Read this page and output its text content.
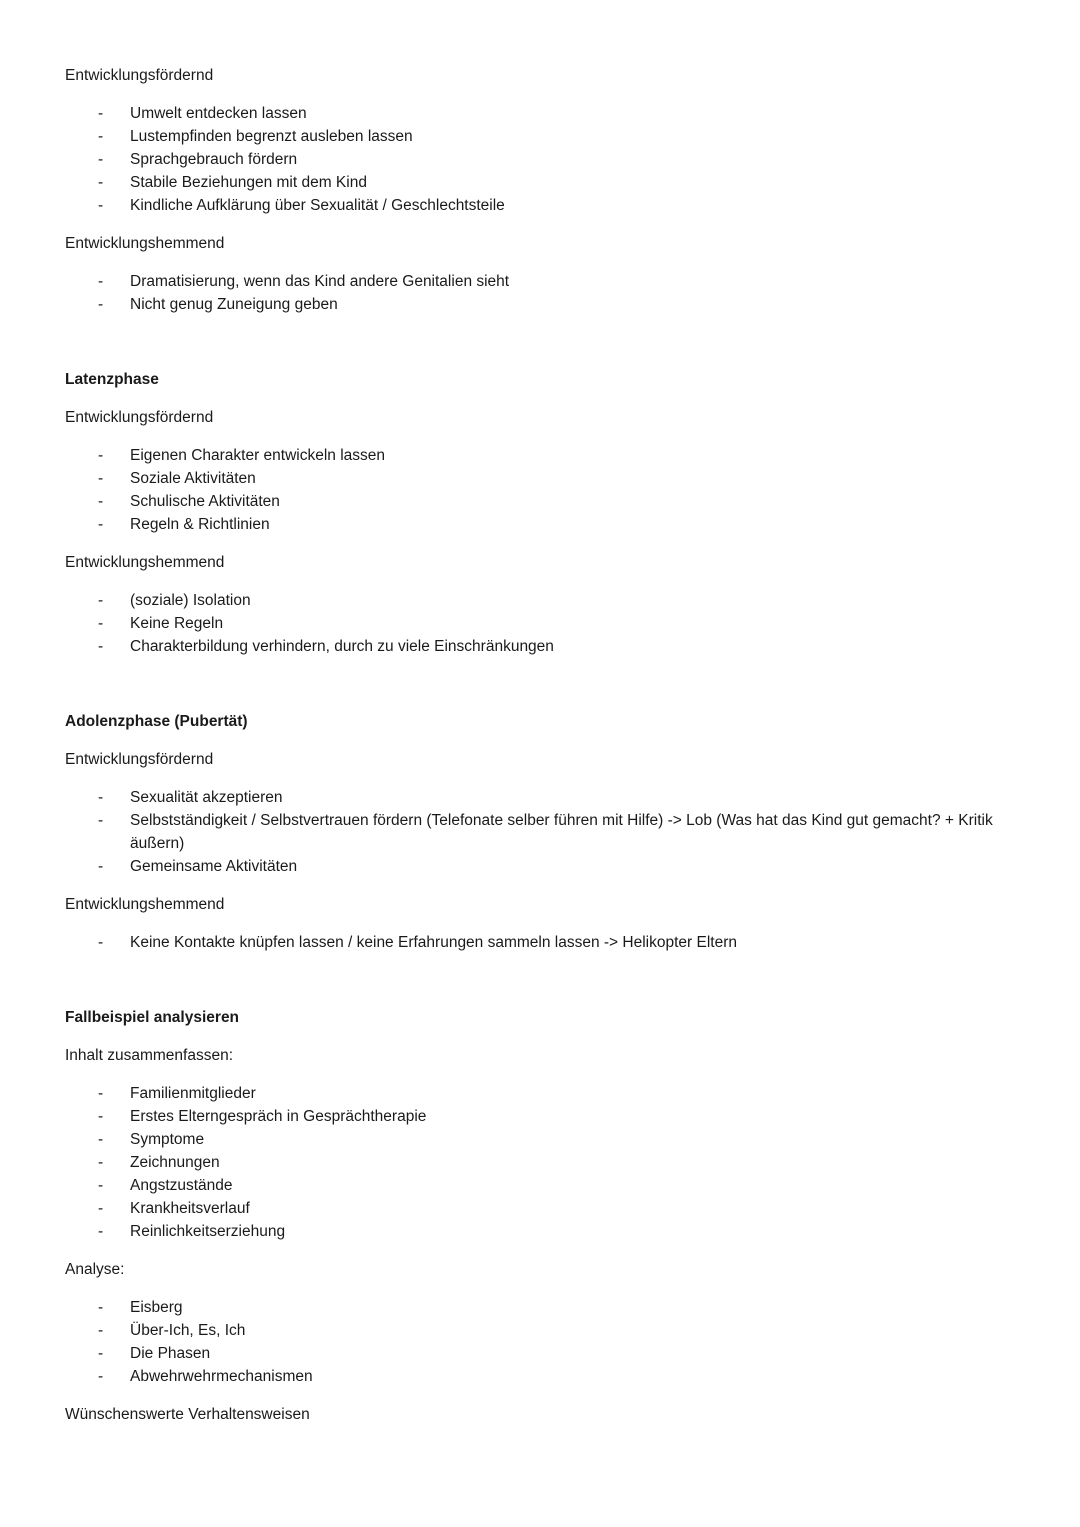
Entwicklungsfördernd
- Umwelt entdecken lassen
- Lustempfinden begrenzt ausleben lassen
- Sprachgebrauch fördern
- Stabile Beziehungen mit dem Kind
- Kindliche Aufklärung über Sexualität / Geschlechtsteile
Entwicklungshemmend
- Dramatisierung, wenn das Kind andere Genitalien sieht
- Nicht genug Zuneigung geben
Latenzphase
Entwicklungsfördernd
- Eigenen Charakter entwickeln lassen
- Soziale Aktivitäten
- Schulische Aktivitäten
- Regeln & Richtlinien
Entwicklungshemmend
- (soziale) Isolation
- Keine Regeln
- Charakterbildung verhindern, durch zu viele Einschränkungen
Adolenzphase (Pubertät)
Entwicklungsfördernd
- Sexualität akzeptieren
- Selbstständigkeit / Selbstvertrauen fördern (Telefonate selber führen mit Hilfe) -> Lob (Was hat das Kind gut gemacht? + Kritik äußern)
- Gemeinsame Aktivitäten
Entwicklungshemmend
- Keine Kontakte knüpfen lassen / keine Erfahrungen sammeln lassen -> Helikopter Eltern
Fallbeispiel analysieren
Inhalt zusammenfassen:
- Familienmitglieder
- Erstes Elterngespräch in Gesprächtherapie
- Symptome
- Zeichnungen
- Angstzustände
- Krankheitsverlauf
- Reinlichkeitserziehung
Analyse:
- Eisberg
- Über-Ich, Es, Ich
- Die Phasen
- Abwehrwehrmechanismen
Wünschenswerte Verhaltensweisen
